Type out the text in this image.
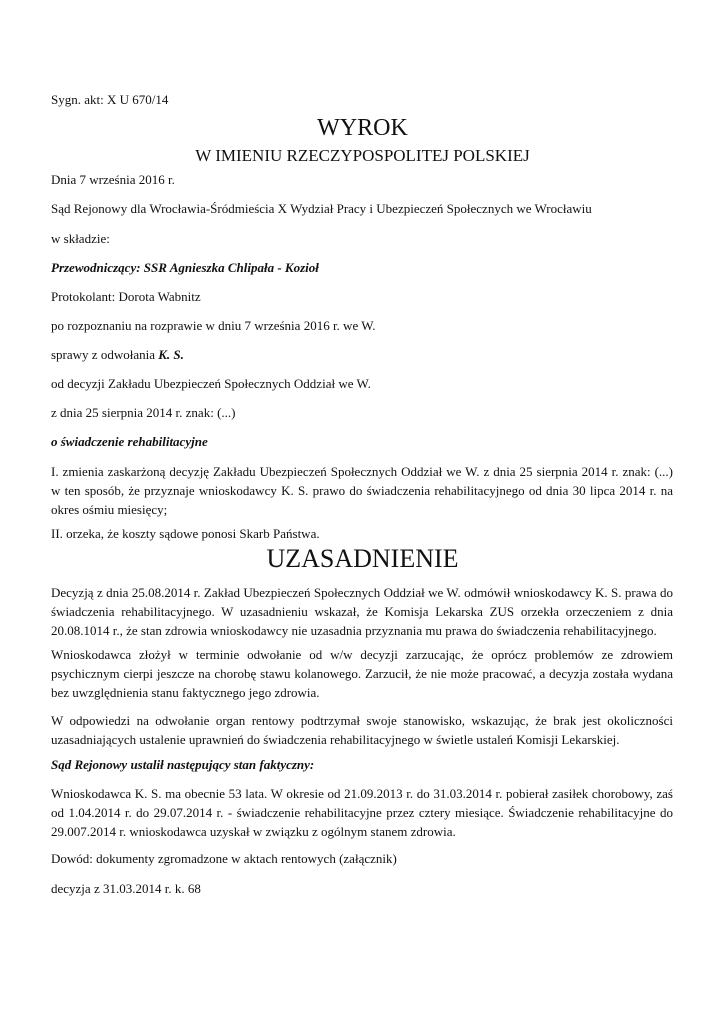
Sygn. akt: X U 670/14
WYROK
W IMIENIU RZECZYPOSPOLITEJ POLSKIEJ
Dnia 7 września 2016 r.
Sąd Rejonowy dla Wrocławia-Śródmieścia X Wydział Pracy i Ubezpieczeń Społecznych we Wrocławiu
w składzie:
Przewodniczący: SSR Agnieszka Chlipała - Kozioł
Protokolant: Dorota Wabnitz
po rozpoznaniu na rozprawie w dniu 7 września 2016 r. we W.
sprawy z odwołania K. S.
od decyzji Zakładu Ubezpieczeń Społecznych Oddział we W.
z dnia 25 sierpnia 2014 r. znak: (...)
o świadczenie rehabilitacyjne
I. zmienia zaskarżoną decyzję Zakładu Ubezpieczeń Społecznych Oddział we W. z dnia 25 sierpnia 2014 r. znak: (...) w ten sposób, że przyznaje wnioskodawcy K. S. prawo do świadczenia rehabilitacyjnego od dnia 30 lipca 2014 r. na okres ośmiu miesięcy;
II. orzeka, że koszty sądowe ponosi Skarb Państwa.
UZASADNIENIE
Decyzją z dnia 25.08.2014 r. Zakład Ubezpieczeń Społecznych Oddział we W. odmówił wnioskodawcy K. S. prawa do świadczenia rehabilitacyjnego. W uzasadnieniu wskazał, że Komisja Lekarska ZUS orzekła orzeczeniem z dnia 20.08.1014 r., że stan zdrowia wnioskodawcy nie uzasadnia przyznania mu prawa do świadczenia rehabilitacyjnego.
Wnioskodawca złożył w terminie odwołanie od w/w decyzji zarzucając, że oprócz problemów ze zdrowiem psychicznym cierpi jeszcze na chorobę stawu kolanowego. Zarzucił, że nie może pracować, a decyzja została wydana bez uwzględnienia stanu faktycznego jego zdrowia.
W odpowiedzi na odwołanie organ rentowy podtrzymał swoje stanowisko, wskazując, że brak jest okoliczności uzasadniających ustalenie uprawnień do świadczenia rehabilitacyjnego w świetle ustaleń Komisji Lekarskiej.
Sąd Rejonowy ustalił następujący stan faktyczny:
Wnioskodawca K. S. ma obecnie 53 lata. W okresie od 21.09.2013 r. do 31.03.2014 r. pobierał zasiłek chorobowy, zaś od 1.04.2014 r. do 29.07.2014 r. - świadczenie rehabilitacyjne przez cztery miesiące. Świadczenie rehabilitacyjne do 29.007.2014 r. wnioskodawca uzyskał w związku z ogólnym stanem zdrowia.
Dowód: dokumenty zgromadzone w aktach rentowych (załącznik)
decyzja z 31.03.2014 r. k. 68
